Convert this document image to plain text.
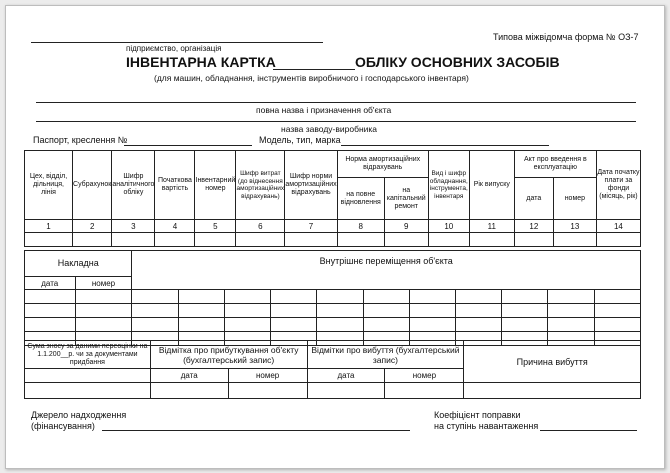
Типова міжвідомча форма № ОЗ-7
підприємство, організація
ІНВЕНТАРНА КАРТКА	ОБЛІКУ ОСНОВНИХ ЗАСОБІВ
(для машин, обладнання, інструментів виробничого і господарського інвентаря)
повна назва і призначення об'єкта
назва заводу-виробника
Паспорт, креслення №	Модель, тип, марка
Цех, відділ, дільниця, лінія	Субрахунок	Шифр аналітичного обліку	Початкова вартість	Інвентарний номер	Шифр витрат (до віднесення амортизаційних відрахувань)	Шифр норми амортизаційних відрахувань	Норма амортизаційних відрахувань		Вид і шифр обладнання, інструмента, інвентаря	Рік випуску	Акт про введення в експлуатацію		Дата початку плати за фонди (місяць, рік)
							на повне відновлення	на капітальний ремонт			дата	номер	
1	2	3	4	5	6	7	8	9	10	11	12	13	14

Накладна		Внутрішнє переміщення об'єкта										
дата	номер											

Сума зносу за даними переоцінки на 1.1.200__р. чи за документами придбання	Відмітка про прибуткування об'єкту (бухгалтерський запис)		Відмітки про вибуття (бухгалтерський запис)		Причина вибуття
	дата	номер	дата	номер	

Джерело надходження
(фінансування)
Коефіцієнт поправки
на ступінь навантаження
